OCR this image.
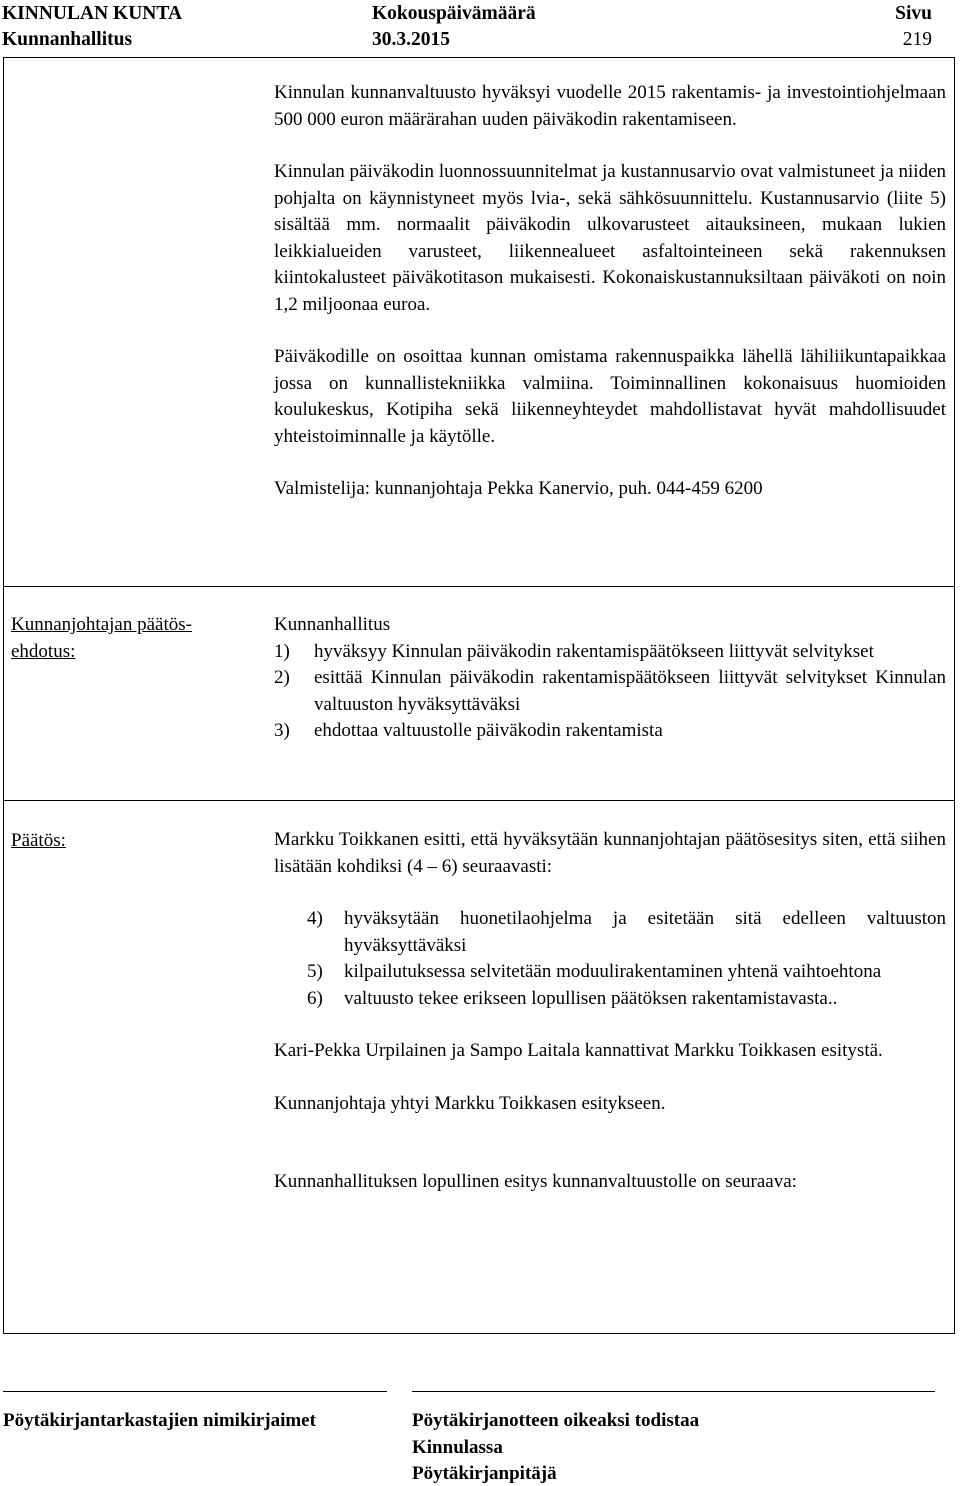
KINNULAN KUNTA
Kunnanhallitus
Kokouspäivämäärä
30.3.2015
Sivu
219

Kinnulan kunnanvaltuusto hyväksyi vuodelle 2015 rakentamis- ja investointiohjelmaan 500 000 euron määrärahan uuden päiväkodin rakentamiseen.

Kinnulan päiväkodin luonnossuunnitelmat ja kustannusarvio ovat valmistuneet ja niiden pohjalta on käynnistyneet myös lvia-, sekä sähkösuunnittelu. Kustannusarvio (liite 5) sisältää mm. normaalit päiväkodin ulkovarusteet aitauksineen, mukaan lukien leikkialueiden varusteet, liikennealueet asfaltointeineen sekä rakennuksen kiintokalusteet päiväkotitason mukaisesti. Kokonaiskustannuksiltaan päiväkoti on noin 1,2 miljoonaa euroa.

Päiväkodille on osoittaa kunnan omistama rakennuspaikka lähellä lähiliikuntapaikkaa jossa on kunnallistekniikka valmiina. Toiminnallinen kokonaisuus huomioiden koulukeskus, Kotipiha sekä liikenneyhteydet mahdollistavat hyvät mahdollisuudet yhteistoiminnalle ja käytölle.

Valmistelija: kunnanjohtaja Pekka Kanervio, puh. 044-459 6200

Kunnanjohtajan päätös-
ehdotus:

Kunnanhallitus

1) hyväksyy Kinnulan päiväkodin rakentamispäätökseen liittyvät selvitykset
2) esittää Kinnulan päiväkodin rakentamispäätökseen liittyvät selvitykset Kinnulan valtuuston hyväksyttäväksi
3) ehdottaa valtuustolle päiväkodin rakentamista
Päätös:	Markku Toikkanen esitti, että hyväksytään kunnanjohtajan päätösesitys siten, että siihen lisätään kohdiksi (4 – 6) seuraavasti:

4) hyväksytään huonetilaohjelma ja esitetään sitä edelleen valtuuston hyväksyttäväksi
5) kilpailutuksessa selvitetään moduulirakentaminen yhtenä vaihtoehtona
6) valtuusto tekee erikseen lopullisen päätöksen rakentamistavasta..

Kari-Pekka Urpilainen ja Sampo Laitala kannattivat Markku Toikkasen esitystä.

Kunnanjohtaja yhtyi Markku Toikkasen esitykseen.

Kunnanhallituksen lopullinen esitys kunnanvaltuustolle on seuraava:

Pöytäkirjantarkastajien nimikirjaimet	Pöytäkirjanotteen oikeaksi todistaa
Kinnulassa
Pöytäkirjanpitäjä
